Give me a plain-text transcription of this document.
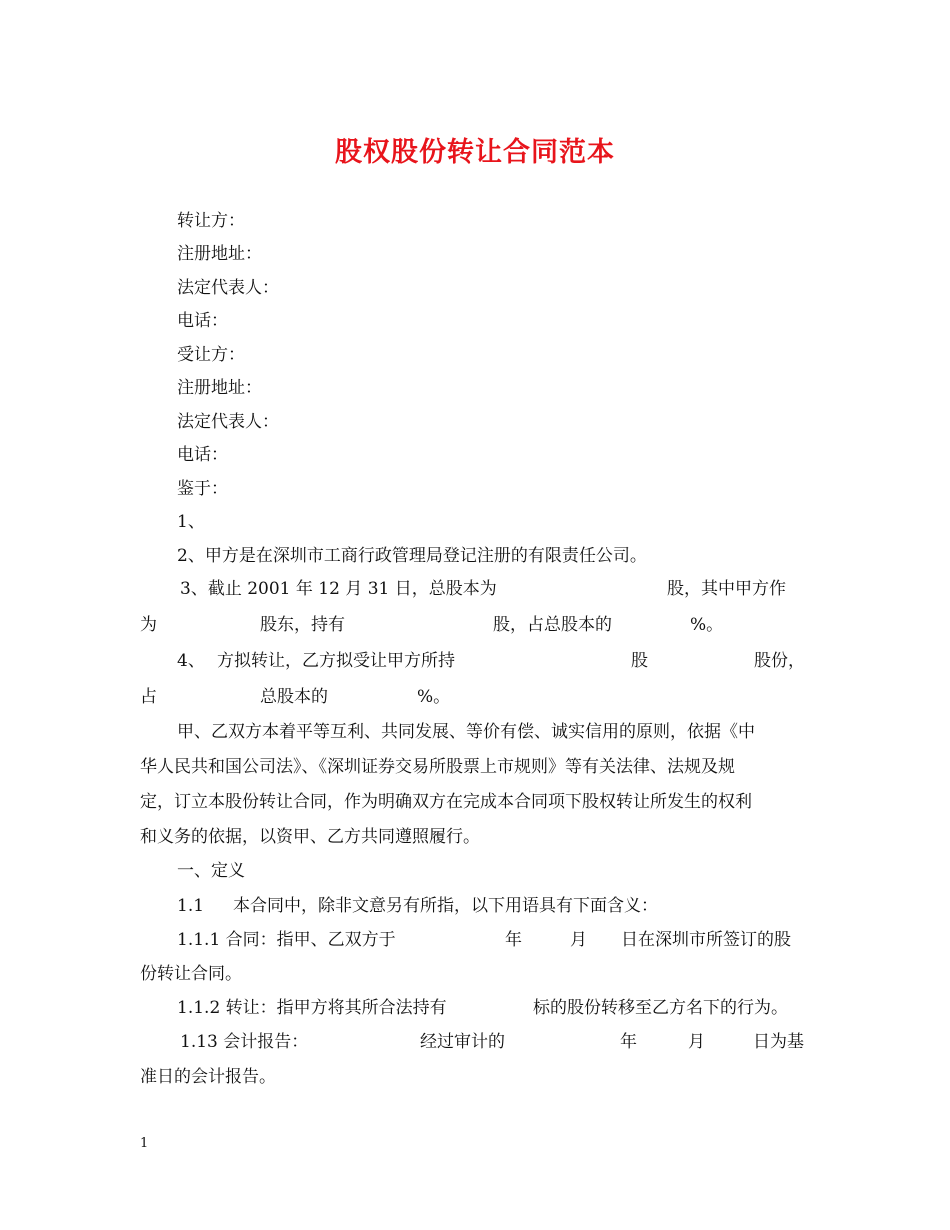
股权股份转让合同范本
转让方：
注册地址：
法定代表人：
电话：
受让方：
注册地址：
法定代表人：
电话：
鉴于：
1、
2、甲方是在深圳市工商行政管理局登记注册的有限责任公司。
3、截止 2001 年 12 月 31 日，总股本为	股，其中甲方作
为	股东，持有	股，占总股本的	%。
4、 方拟转让，乙方拟受让甲方所持	股	股份，
占	总股本的	%。
甲、乙双方本着平等互利、共同发展、等价有偿、诚实信用的原则，依据《中
华人民共和国公司法》、《深圳证券交易所股票上市规则》等有关法律、法规及规
定，订立本股份转让合同，作为明确双方在完成本合同项下股权转让所发生的权利
和义务的依据，以资甲、乙方共同遵照履行。
一、定义
1.1 本合同中，除非文意另有所指，以下用语具有下面含义：
1.1.1 合同：指甲、乙双方于	年	月 日在深圳市所签订的股
份转让合同。
1.1.2 转让：指甲方将其所合法持有	标的股份转移至乙方名下的行为。
1.13 会计报告：	经过审计的	年	月	日为基
准日的会计报告。
1
